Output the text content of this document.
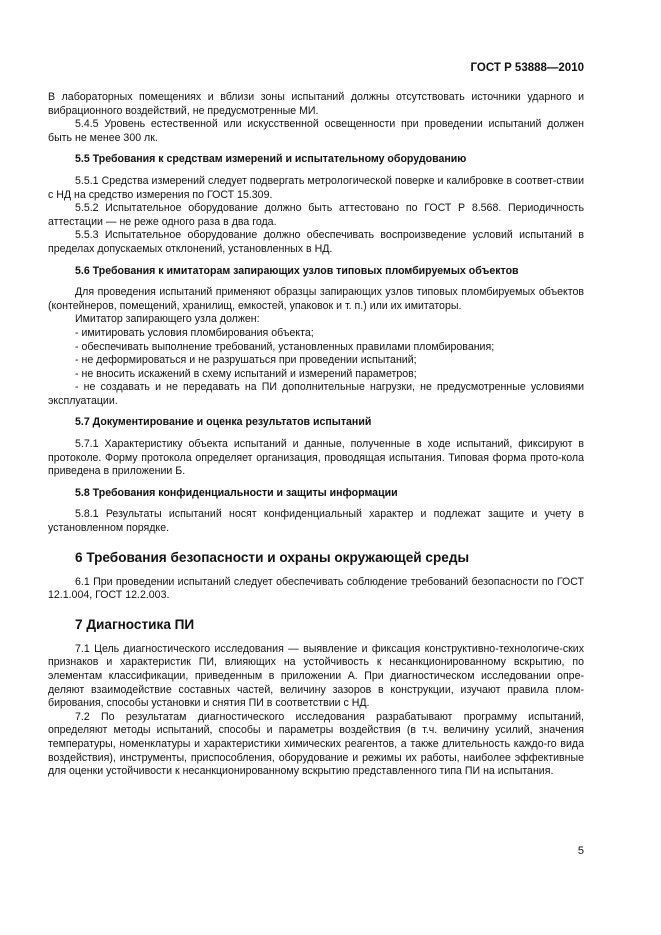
ГОСТ Р 53888—2010

В лабораторных помещениях и вблизи зоны испытаний должны отсутствовать источники ударного и вибрационного воздействий, не предусмотренные МИ.

5.4.5 Уровень естественной или искусственной освещенности при проведении испытаний должен быть не менее 300 лк.

5.5 Требования к средствам измерений и испытательному оборудованию

5.5.1 Средства измерений следует подвергать метрологической поверке и калибровке в соответ-ствии с НД на средство измерения по ГОСТ 15.309.

5.5.2 Испытательное оборудование должно быть аттестовано по ГОСТ Р 8.568. Периодичность аттестации — не реже одного раза в два года.

5.5.3 Испытательное оборудование должно обеспечивать воспроизведение условий испытаний в пределах допускаемых отклонений, установленных в НД.

5.6 Требования к имитаторам запирающих узлов типовых пломбируемых объектов

Для проведения испытаний применяют образцы запирающих узлов типовых пломбируемых объектов (контейнеров, помещений, хранилищ, емкостей, упаковок и т. п.) или их имитаторы.

Имитатор запирающего узла должен:

- имитировать условия пломбирования объекта;

- обеспечивать выполнение требований, установленных правилами пломбирования;

- не деформироваться и не разрушаться при проведении испытаний;

- не вносить искажений в схему испытаний и измерений параметров;

- не создавать и не передавать на ПИ дополнительные нагрузки, не предусмотренные условиями эксплуатации.

5.7 Документирование и оценка результатов испытаний

5.7.1 Характеристику объекта испытаний и данные, полученные в ходе испытаний, фиксируют в протоколе. Форму протокола определяет организация, проводящая испытания. Типовая форма прото-кола приведена в приложении Б.

5.8 Требования конфиденциальности и защиты информации

5.8.1 Результаты испытаний носят конфиденциальный характер и подлежат защите и учету в установленном порядке.

6 Требования безопасности и охраны окружающей среды

6.1 При проведении испытаний следует обеспечивать соблюдение требований безопасности по ГОСТ 12.1.004, ГОСТ 12.2.003.

7 Диагностика ПИ

7.1 Цель диагностического исследования — выявление и фиксация конструктивно-технологиче-ских признаков и характеристик ПИ, влияющих на устойчивость к несанкционированному вскрытию, по элементам классификации, приведенным в приложении А. При диагностическом исследовании опре-деляют взаимодействие составных частей, величину зазоров в конструкции, изучают правила плом-бирования, способы установки и снятия ПИ в соответствии с НД.

7.2 По результатам диагностического исследования разрабатывают программу испытаний, определяют методы испытаний, способы и параметры воздействия (в т.ч. величину усилий, значения температуры, номенклатуры и характеристики химических реагентов, а также длительность каждо-го вида воздействия), инструменты, приспособления, оборудование и режимы их работы, наиболее эффективные для оценки устойчивости к несанкционированному вскрытию представленного типа ПИ на испытания.

5
